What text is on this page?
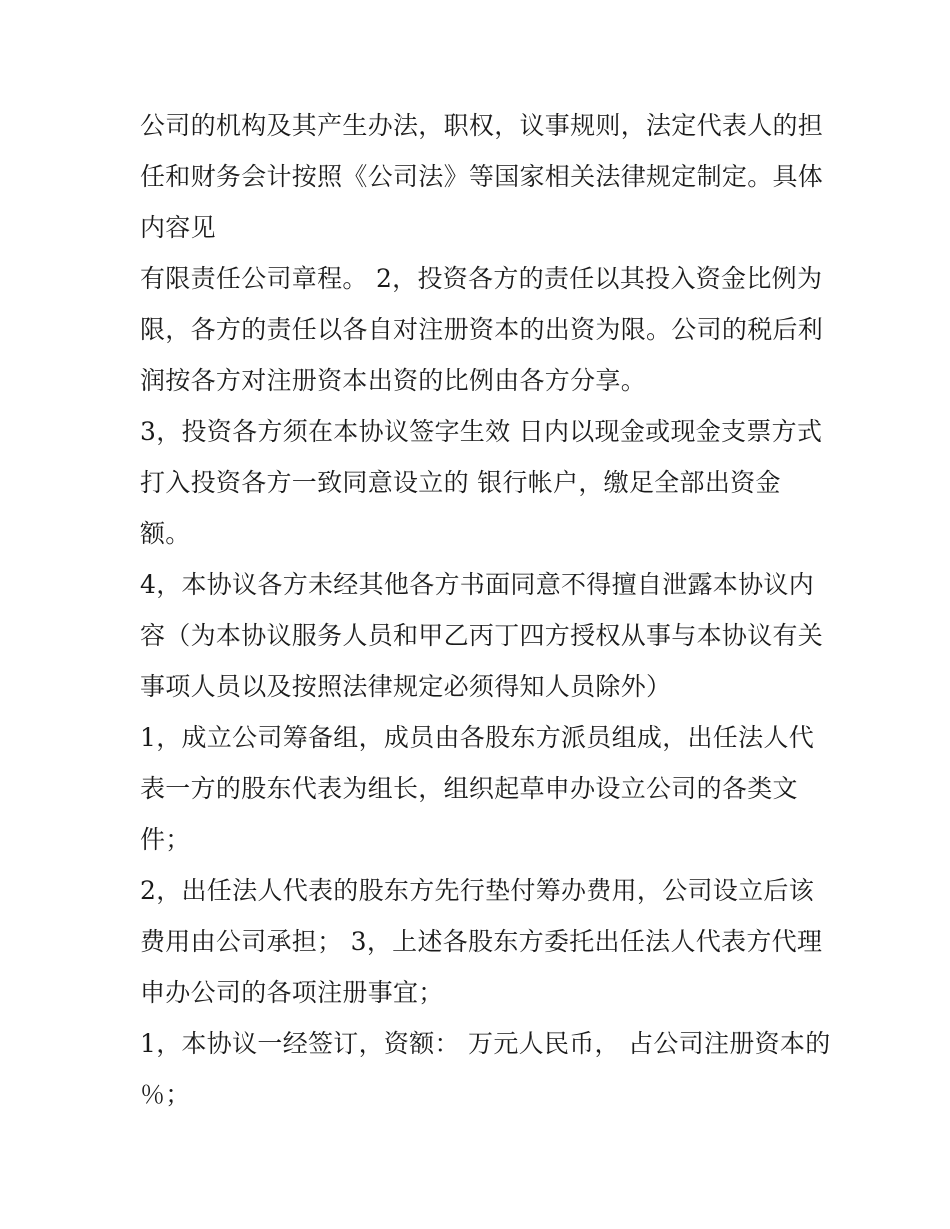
公司的机构及其产生办法，职权，议事规则，法定代表人的担
任和财务会计按照《公司法》等国家相关法律规定制定。具体
内容见
有限责任公司章程。 2，投资各方的责任以其投入资金比例为
限，各方的责任以各自对注册资本的出资为限。公司的税后利
润按各方对注册资本出资的比例由各方分享。
3，投资各方须在本协议签字生效 日内以现金或现金支票方式
打入投资各方一致同意设立的 银行帐户，缴足全部出资金
额。
4，本协议各方未经其他各方书面同意不得擅自泄露本协议内
容（为本协议服务人员和甲乙丙丁四方授权从事与本协议有关
事项人员以及按照法律规定必须得知人员除外）
1，成立公司筹备组，成员由各股东方派员组成，出任法人代
表一方的股东代表为组长，组织起草申办设立公司的各类文
件；
2，出任法人代表的股东方先行垫付筹办费用，公司设立后该
费用由公司承担； 3，上述各股东方委托出任法人代表方代理
申办公司的各项注册事宜；
1，本协议一经签订，资额： 万元人民币， 占公司注册资本的
％；
